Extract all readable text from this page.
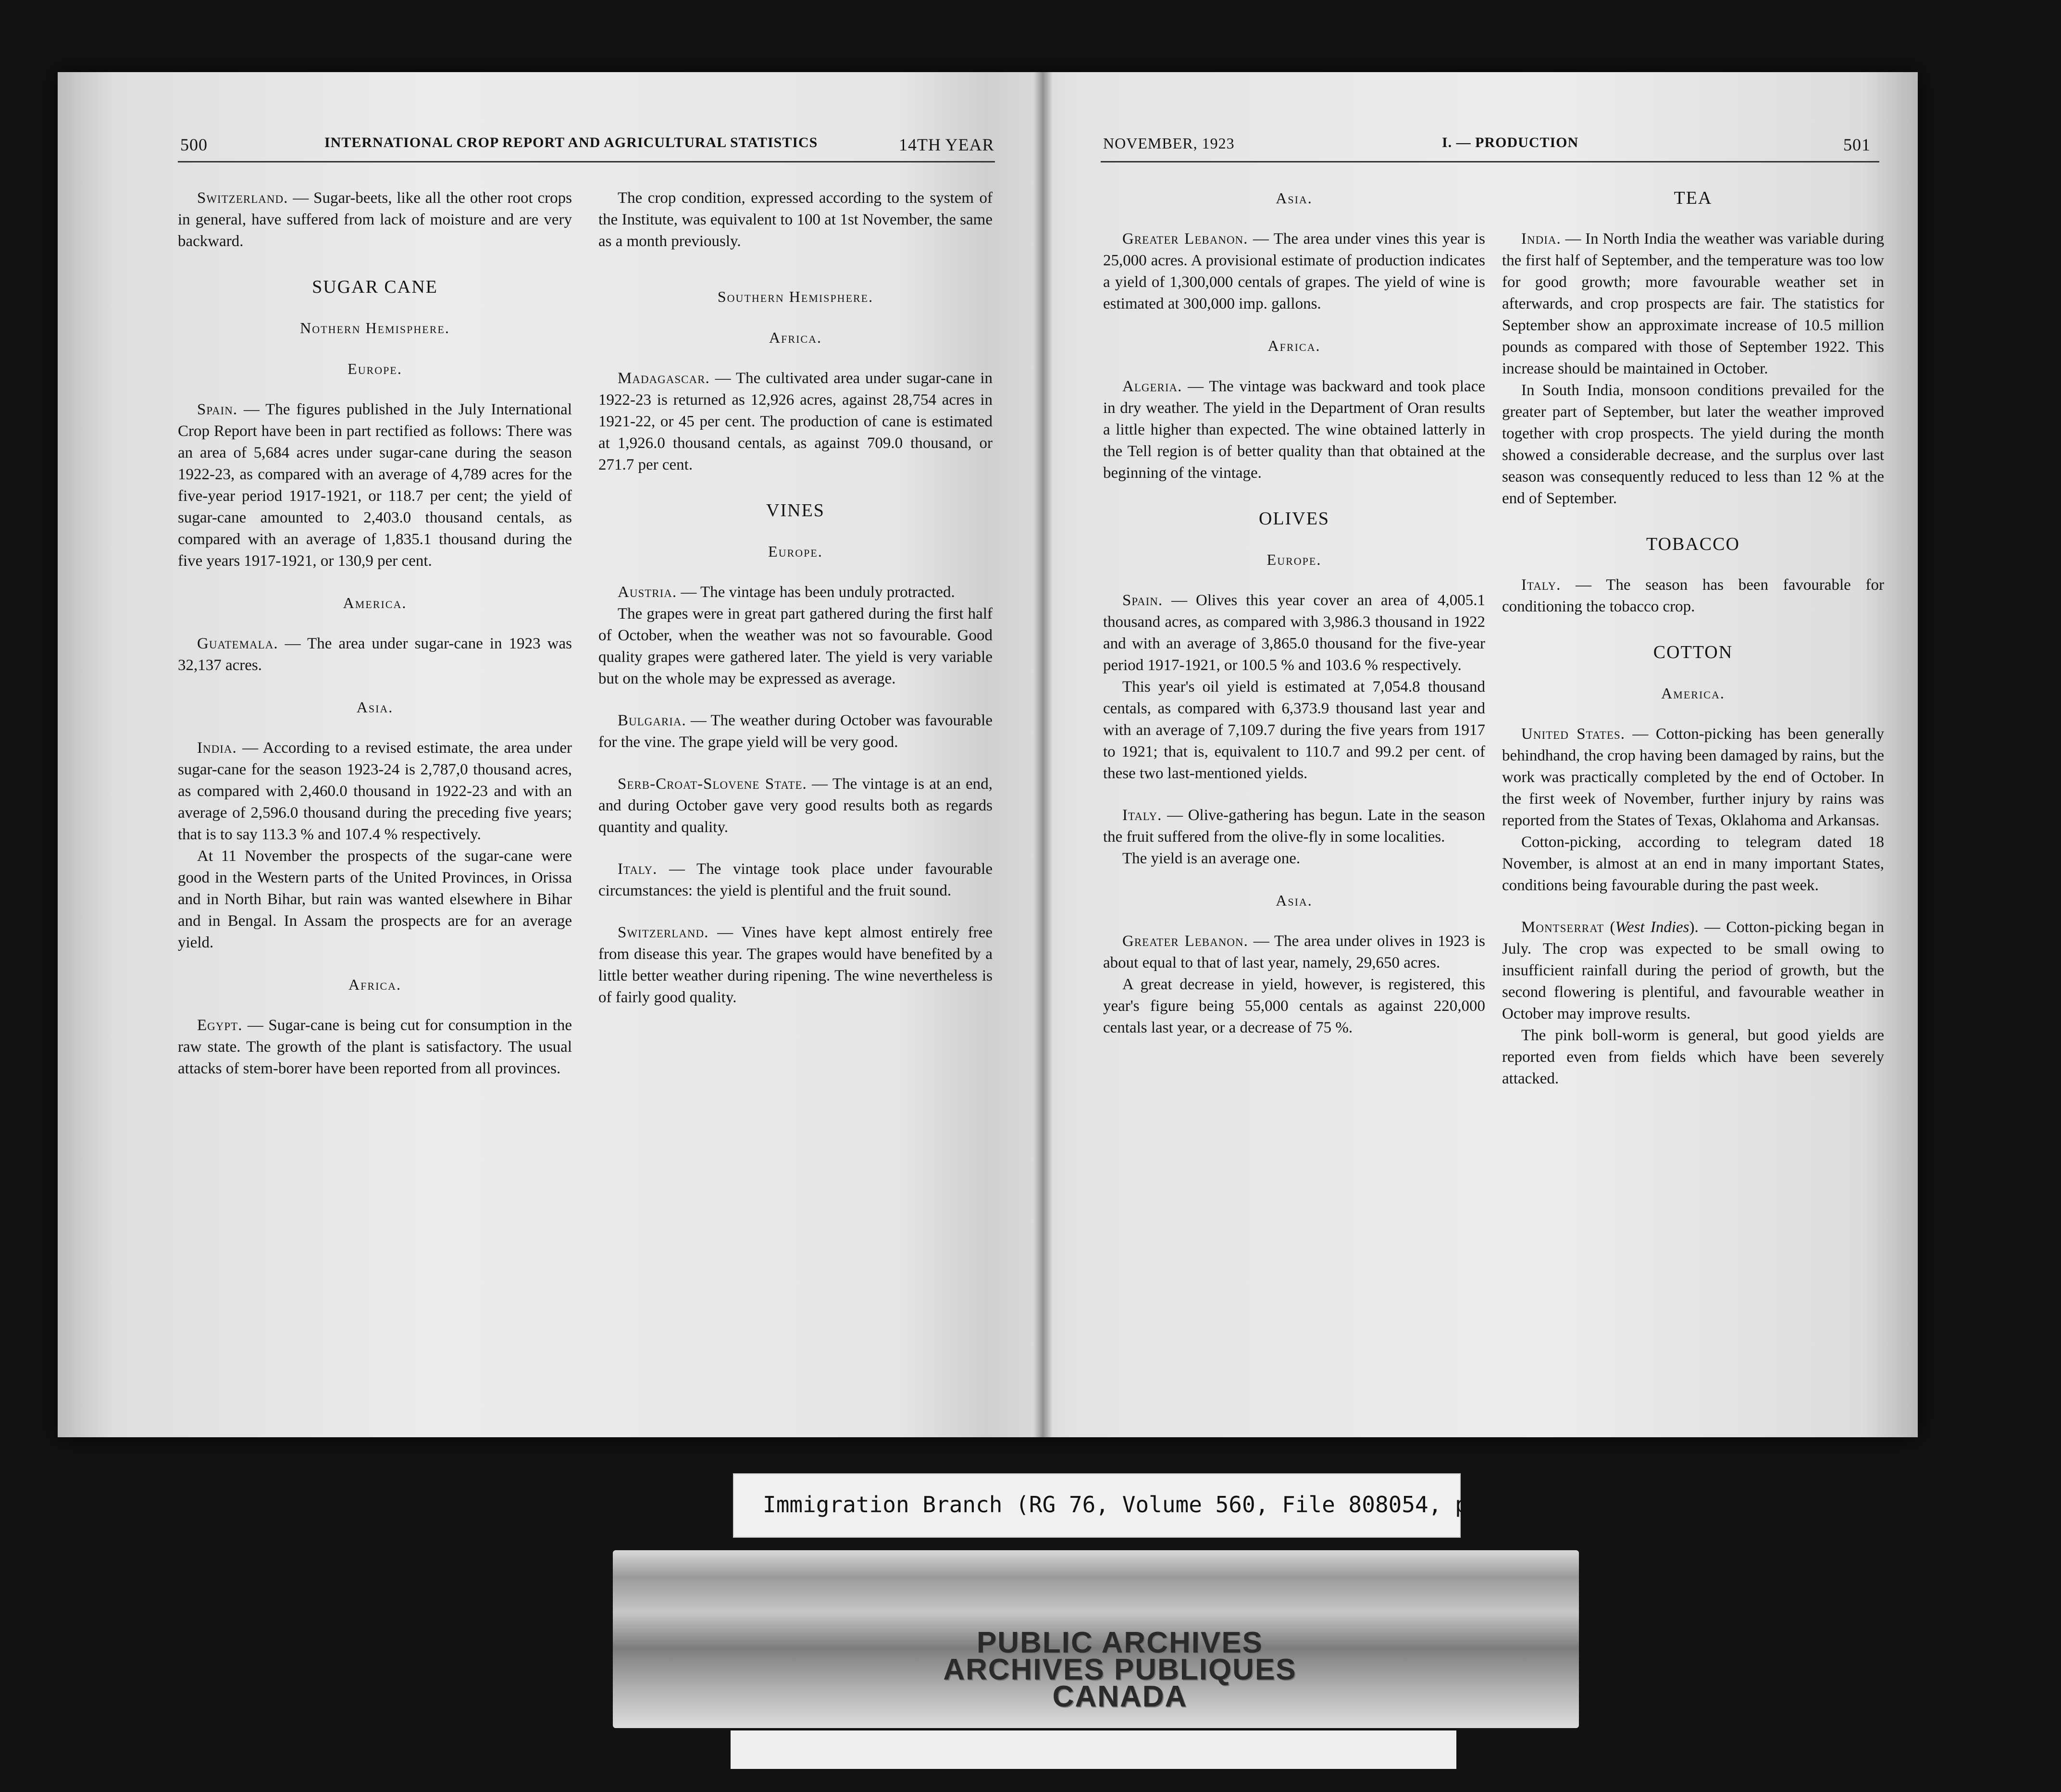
500	INTERNATIONAL CROP REPORT AND AGRICULTURAL STATISTICS	14TH YEAR

Switzerland. — Sugar-beets, like all the other root crops in general, have suffered from lack of moisture and are very backward.

SUGAR CANE
Nothern Hemisphere.
Europe.

Spain. — The figures published in the July International Crop Report have been in part rectified as follows: There was an area of 5,684 acres under sugar-cane during the season 1922-23, as compared with an average of 4,789 acres for the five-year period 1917-1921, or 118.7 per cent; the yield of sugar-cane amounted to 2,403.0 thousand centals, as compared with an average of 1,835.1 thousand during the five years 1917-1921, or 130,9 per cent.

America.

Guatemala. — The area under sugar-cane in 1923 was 32,137 acres.

Asia.

India. — According to a revised estimate, the area under sugar-cane for the season 1923-24 is 2,787,0 thousand acres, as compared with 2,460.0 thousand in 1922-23 and with an average of 2,596.0 thousand during the preceding five years; that is to say 113.3 % and 107.4 % respectively.

At 11 November the prospects of the sugar-cane were good in the Western parts of the United Provinces, in Orissa and in North Bihar, but rain was wanted elsewhere in Bihar and in Bengal. In Assam the prospects are for an average yield.

Africa.

Egypt. — Sugar-cane is being cut for consumption in the raw state. The growth of the plant is satisfactory. The usual attacks of stem-borer have been reported from all provinces.

The crop condition, expressed according to the system of the Institute, was equivalent to 100 at 1st November, the same as a month previously.

Southern Hemisphere.
Africa.

Madagascar. — The cultivated area under sugar-cane in 1922-23 is returned as 12,926 acres, against 28,754 acres in 1921-22, or 45 per cent. The production of cane is estimated at 1,926.0 thousand centals, as against 709.0 thousand, or 271.7 per cent.

VINES
Europe.

Austria. — The vintage has been unduly protracted.

The grapes were in great part gathered during the first half of October, when the weather was not so favourable. Good quality grapes were gathered later. The yield is very variable but on the whole may be expressed as average.

Bulgaria. — The weather during October was favourable for the vine. The grape yield will be very good.

Serb-Croat-Slovene State. — The vintage is at an end, and during October gave very good results both as regards quantity and quality.

Italy. — The vintage took place under favourable circumstances: the yield is plentiful and the fruit sound.

Switzerland. — Vines have kept almost entirely free from disease this year. The grapes would have benefited by a little better weather during ripening. The wine nevertheless is of fairly good quality.

NOVEMBER, 1923	I. — PRODUCTION	501
Asia.

Greater Lebanon. — The area under vines this year is 25,000 acres. A provisional estimate of production indicates a yield of 1,300,000 centals of grapes. The yield of wine is estimated at 300,000 imp. gallons.

Africa.

Algeria. — The vintage was backward and took place in dry weather. The yield in the Department of Oran results a little higher than expected. The wine obtained latterly in the Tell region is of better quality than that obtained at the beginning of the vintage.

OLIVES
Europe.

Spain. — Olives this year cover an area of 4,005.1 thousand acres, as compared with 3,986.3 thousand in 1922 and with an average of 3,865.0 thousand for the five-year period 1917-1921, or 100.5 % and 103.6 % respectively.

This year's oil yield is estimated at 7,054.8 thousand centals, as compared with 6,373.9 thousand last year and with an average of 7,109.7 during the five years from 1917 to 1921; that is, equivalent to 110.7 and 99.2 per cent. of these two last-mentioned yields.

Italy. — Olive-gathering has begun. Late in the season the fruit suffered from the olive-fly in some localities.

The yield is an average one.

Asia.

Greater Lebanon. — The area under olives in 1923 is about equal to that of last year, namely, 29,650 acres.

A great decrease in yield, however, is registered, this year's figure being 55,000 centals as against 220,000 centals last year, or a decrease of 75 %.

TEA

India. — In North India the weather was variable during the first half of September, and the temperature was too low for good growth; more favourable weather set in afterwards, and crop prospects are fair. The statistics for September show an approximate increase of 10.5 million pounds as compared with those of September 1922. This increase should be maintained in October.

In South India, monsoon conditions prevailed for the greater part of September, but later the weather improved together with crop prospects. The yield during the month showed a considerable decrease, and the surplus over last season was consequently reduced to less than 12 % at the end of September.

TOBACCO

Italy. — The season has been favourable for conditioning the tobacco crop.

COTTON
America.

United States. — Cotton-picking has been generally behindhand, the crop having been damaged by rains, but the work was practically completed by the end of October. In the first week of November, further injury by rains was reported from the States of Texas, Oklahoma and Arkansas.

Cotton-picking, according to telegram dated 18 November, is almost at an end in many important States, conditions being favourable during the past week.

Montserrat (West Indies). — Cotton-picking began in July. The crop was expected to be small owing to insufficient rainfall during the period of growth, but the second flowering is plentiful, and favourable weather in October may improve results.

The pink boll-worm is general, but good yields are reported even from fields which have been severely attacked.

Immigration Branch (RG 76, Volume 560, File 808054, pt.3)
PUBLIC ARCHIVES
ARCHIVES PUBLIQUES
CANADA
